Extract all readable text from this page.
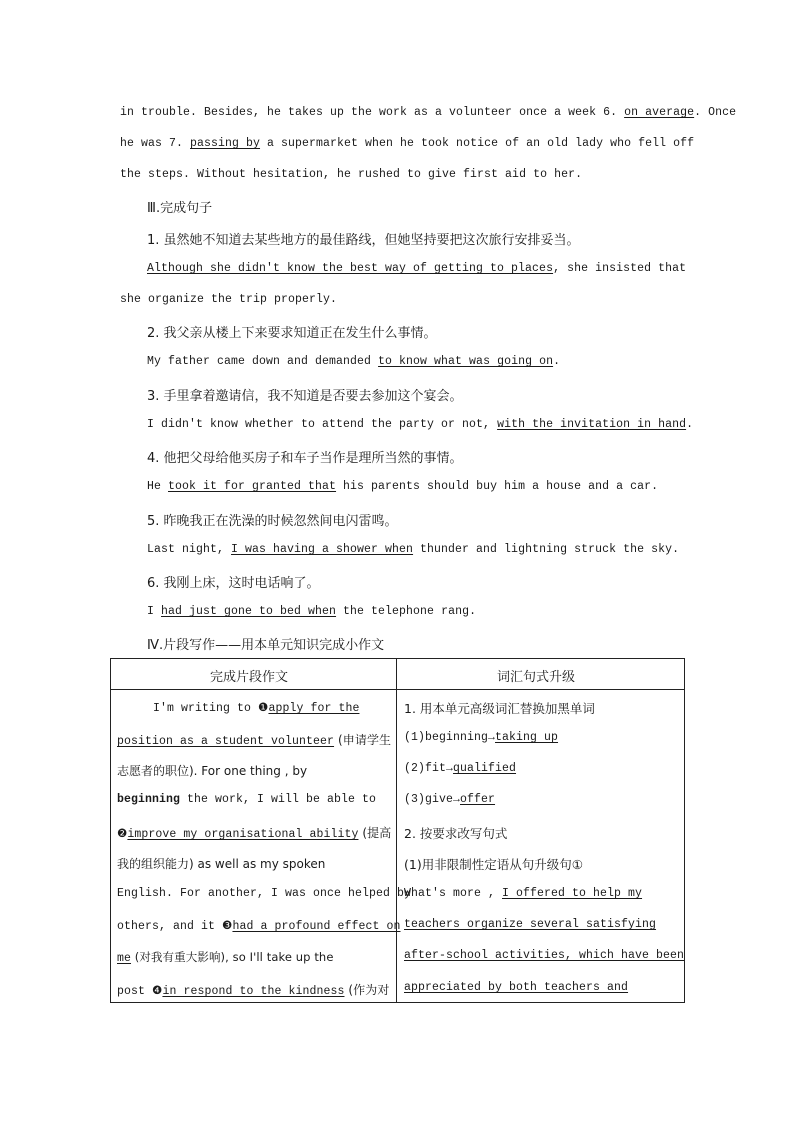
in trouble. Besides, he takes up the work as a volunteer once a week 6. on average. Once
he was 7. passing by a supermarket when he took notice of an old lady who fell off
the steps. Without hesitation, he rushed to give first aid to her.
Ⅲ.完成句子
1. 虽然她不知道去某些地方的最佳路线，但她坚持要把这次旅行安排妥当。
Although she didn't know the best way of getting to places, she insisted that
she organize the trip properly.
2. 我父亲从楼上下来要求知道正在发生什么事情。
My father came down and demanded to know what was going on.
3. 手里拿着邀请信，我不知道是否要去参加这个宴会。
I didn't know whether to attend the party or not, with the invitation in hand.
4. 他把父母给他买房子和车子当作是理所当然的事情。
He took it for granted that his parents should buy him a house and a car.
5. 昨晚我正在洗澡的时候忽然间电闪雷鸣。
Last night, I was having a shower when thunder and lightning struck the sky.
6. 我刚上床，这时电话响了。
I had just gone to bed when the telephone rang.
Ⅳ.片段写作——用本单元知识完成小作文
完成片段作文	词汇句式升级
I'm writing to ❶apply for the
position as a student volunteer (申请学生
志愿者的职位). For one thing , by
beginning the work, I will be able to
❷improve my organisational ability (提高
我的组织能力) as well as my spoken
English. For another, I was once helped by
others, and it ❸had a profound effect on
me (对我有重大影响), so I'll take up the
post ❹in respond to the kindness (作为对
1. 用本单元高级词汇替换加黑单词
(1)beginning→taking up
(2)fit→qualified
(3)give→offer
2. 按要求改写句式
(1)用非限制性定语从句升级句①
What's more , I offered to help my
teachers organize several satisfying
after-school activities, which have been
appreciated by both teachers and
